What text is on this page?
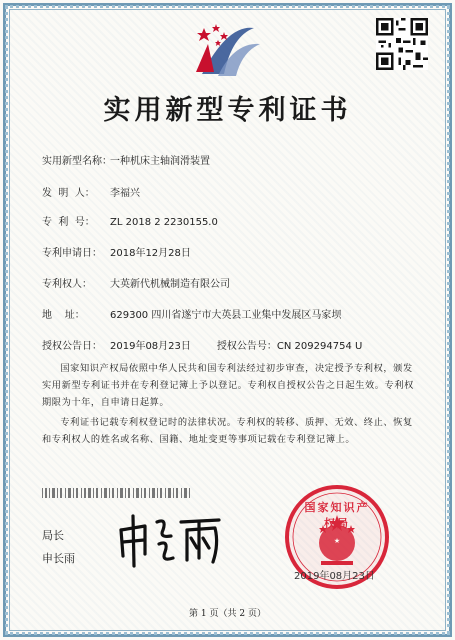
实用新型专利证书
实用新型名称：一种机床主轴润滑装置
发  明  人： 李福兴
专  利  号： ZL 2018 2 2230155.0
专利申请日： 2018年12月28日
专利权人： 大英新代机械制造有限公司
地    址：	629300 四川省遂宁市大英县工业集中发展区马家坝
授权公告日： 2019年08月23日	授权公告号：CN 209294754 U
国家知识产权局依照中华人民共和国专利法经过初步审查，决定授予专利权，颁发实用新型专利证书并在专利登记簿上予以登记。专利权自授权公告之日起生效。专利权期限为十年，自申请日起算。
专利证书记载专利权登记时的法律状况。专利权的转移、质押、无效、终止、恢复和专利权人的姓名或名称、国籍、地址变更等事项记载在专利登记簿上。
局长
申长雨
★
国家知识产权局
2019年08月23日
第 1 页（共 2 页）
